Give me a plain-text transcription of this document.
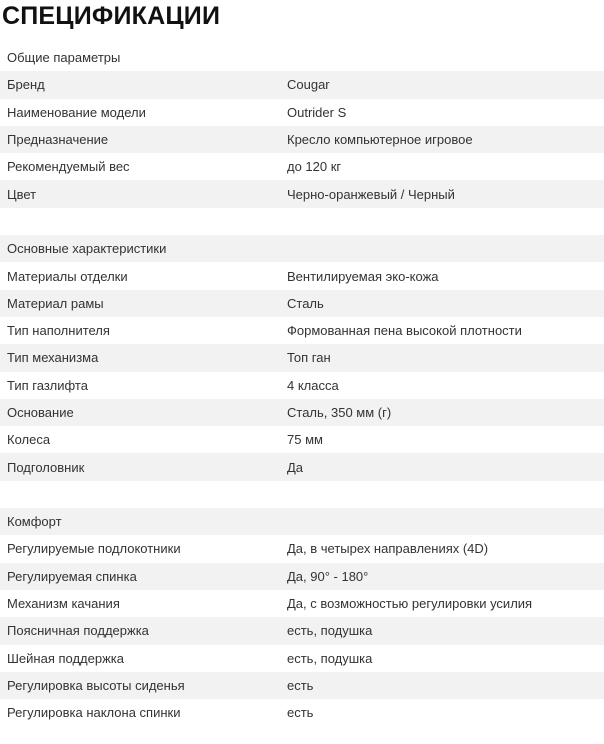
СПЕЦИФИКАЦИИ
Общие параметры
Бренд	Cougar
Наименование модели	Outrider S
Предназначение	Кресло компьютерное игровое
Рекомендуемый вес	до 120 кг
Цвет	Черно-оранжевый / Черный
Основные характеристики
Материалы отделки	Вентилируемая эко-кожа
Материал рамы	Сталь
Тип наполнителя	Формованная пена высокой плотности
Тип механизма	Топ ган
Тип газлифта	4 класса
Основание	Сталь, 350 мм (г)
Колеса	75 мм
Подголовник	Да
Комфорт
Регулируемые подлокотники	Да, в четырех направлениях (4D)
Регулируемая спинка	Да, 90° - 180°
Механизм качания	Да, с возможностью регулировки усилия
Поясничная поддержка	есть, подушка
Шейная поддержка	есть, подушка
Регулировка высоты сиденья	есть
Регулировка наклона спинки	есть
